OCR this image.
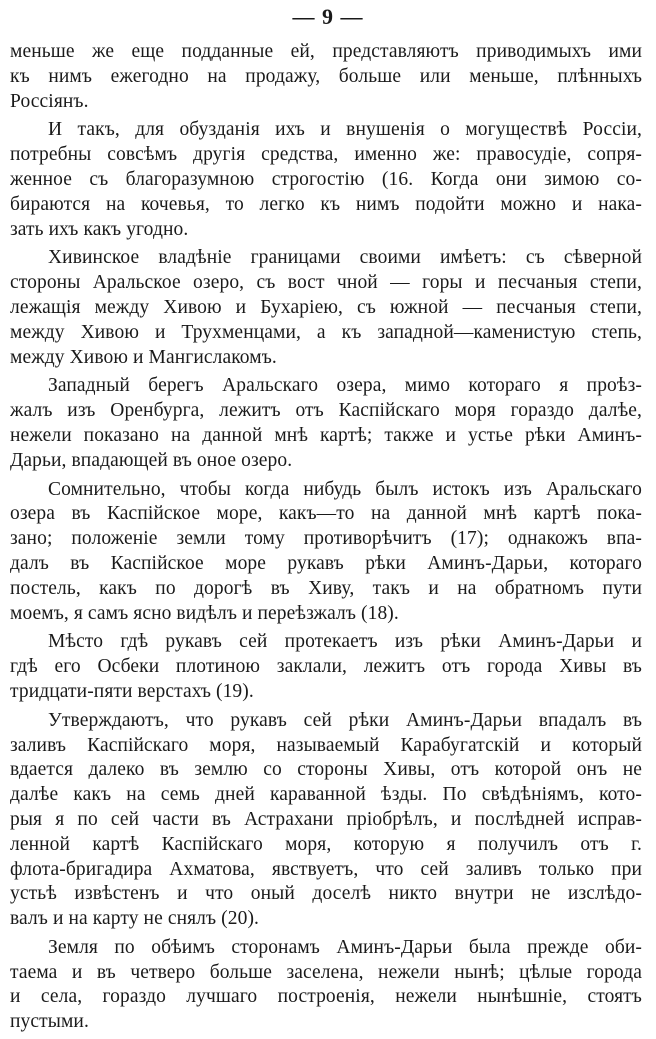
— 9 —
меньше же еще подданные ей, представляютъ приводимыхъ ими
къ нимъ ежегодно на продажу, больше или меньше, плѣнныхъ
Россіянъ.
И такъ, для обузданія ихъ и внушенія о могуществѣ Россіи,
потребны совсѣмъ другія средства, именно же: правосудіе, сопря-
женное съ благоразумною строгостію (16. Когда они зимою со-
бираются на кочевья, то легко къ нимъ подойти можно и нака-
зать ихъ какъ угодно.
Хивинское владѣніе границами своими имѣетъ: съ сѣверной
стороны Аральское озеро, съ вост чной — горы и песчаныя степи,
лежащія между Хивою и Бухаріею, съ южной — песчаныя степи,
между Хивою и Трухменцами, а къ западной—каменистую степь,
между Хивою и Мангислакомъ.
Западный берегъ Аральскаго озера, мимо котораго я проѣз-
жалъ изъ Оренбурга, лежитъ отъ Каспійскаго моря гораздо далѣе,
нежели показано на данной мнѣ картѣ; также и устье рѣки Аминъ-
Дарьи, впадающей въ оное озеро.
Сомнительно, чтобы когда нибудь былъ истокъ изъ Аральскаго
озера въ Каспійское море, какъ—то на данной мнѣ картѣ пока-
зано; положеніе земли тому противорѣчитъ (17); однакожъ впа-
далъ въ Каспійское море рукавъ рѣки Аминъ-Дарьи, котораго
постель, какъ по дорогѣ въ Хиву, такъ и на обратномъ пути
моемъ, я самъ ясно видѣлъ и переѣзжалъ (18).
Мѣсто гдѣ рукавъ сей протекаетъ изъ рѣки Аминъ-Дарьи и
гдѣ его Осбеки плотиною заклали, лежитъ отъ города Хивы въ
тридцати-пяти верстахъ (19).
Утверждаютъ, что рукавъ сей рѣки Аминъ-Дарьи впадалъ въ
заливъ Каспійскаго моря, называемый Карабугатскій и который
вдается далеко въ землю со стороны Хивы, отъ которой онъ не
далѣе какъ на семь дней караванной ѣзды. По свѣдѣніямъ, кото-
рыя я по сей части въ Астрахани пріобрѣлъ, и послѣдней исправ-
ленной картѣ Каспійскаго моря, которую я получилъ отъ г.
флота-бригадира Ахматова, явствуетъ, что сей заливъ только при
устьѣ извѣстенъ и что оный доселѣ никто внутри не изслѣдо-
валъ и на карту не снялъ (20).
Земля по обѣимъ сторонамъ Аминъ-Дарьи была прежде оби-
таема и въ четверо больше заселена, нежели нынѣ; цѣлые города
и села, гораздо лучшаго построенія, нежели нынѣшніе, стоятъ
пустыми.
